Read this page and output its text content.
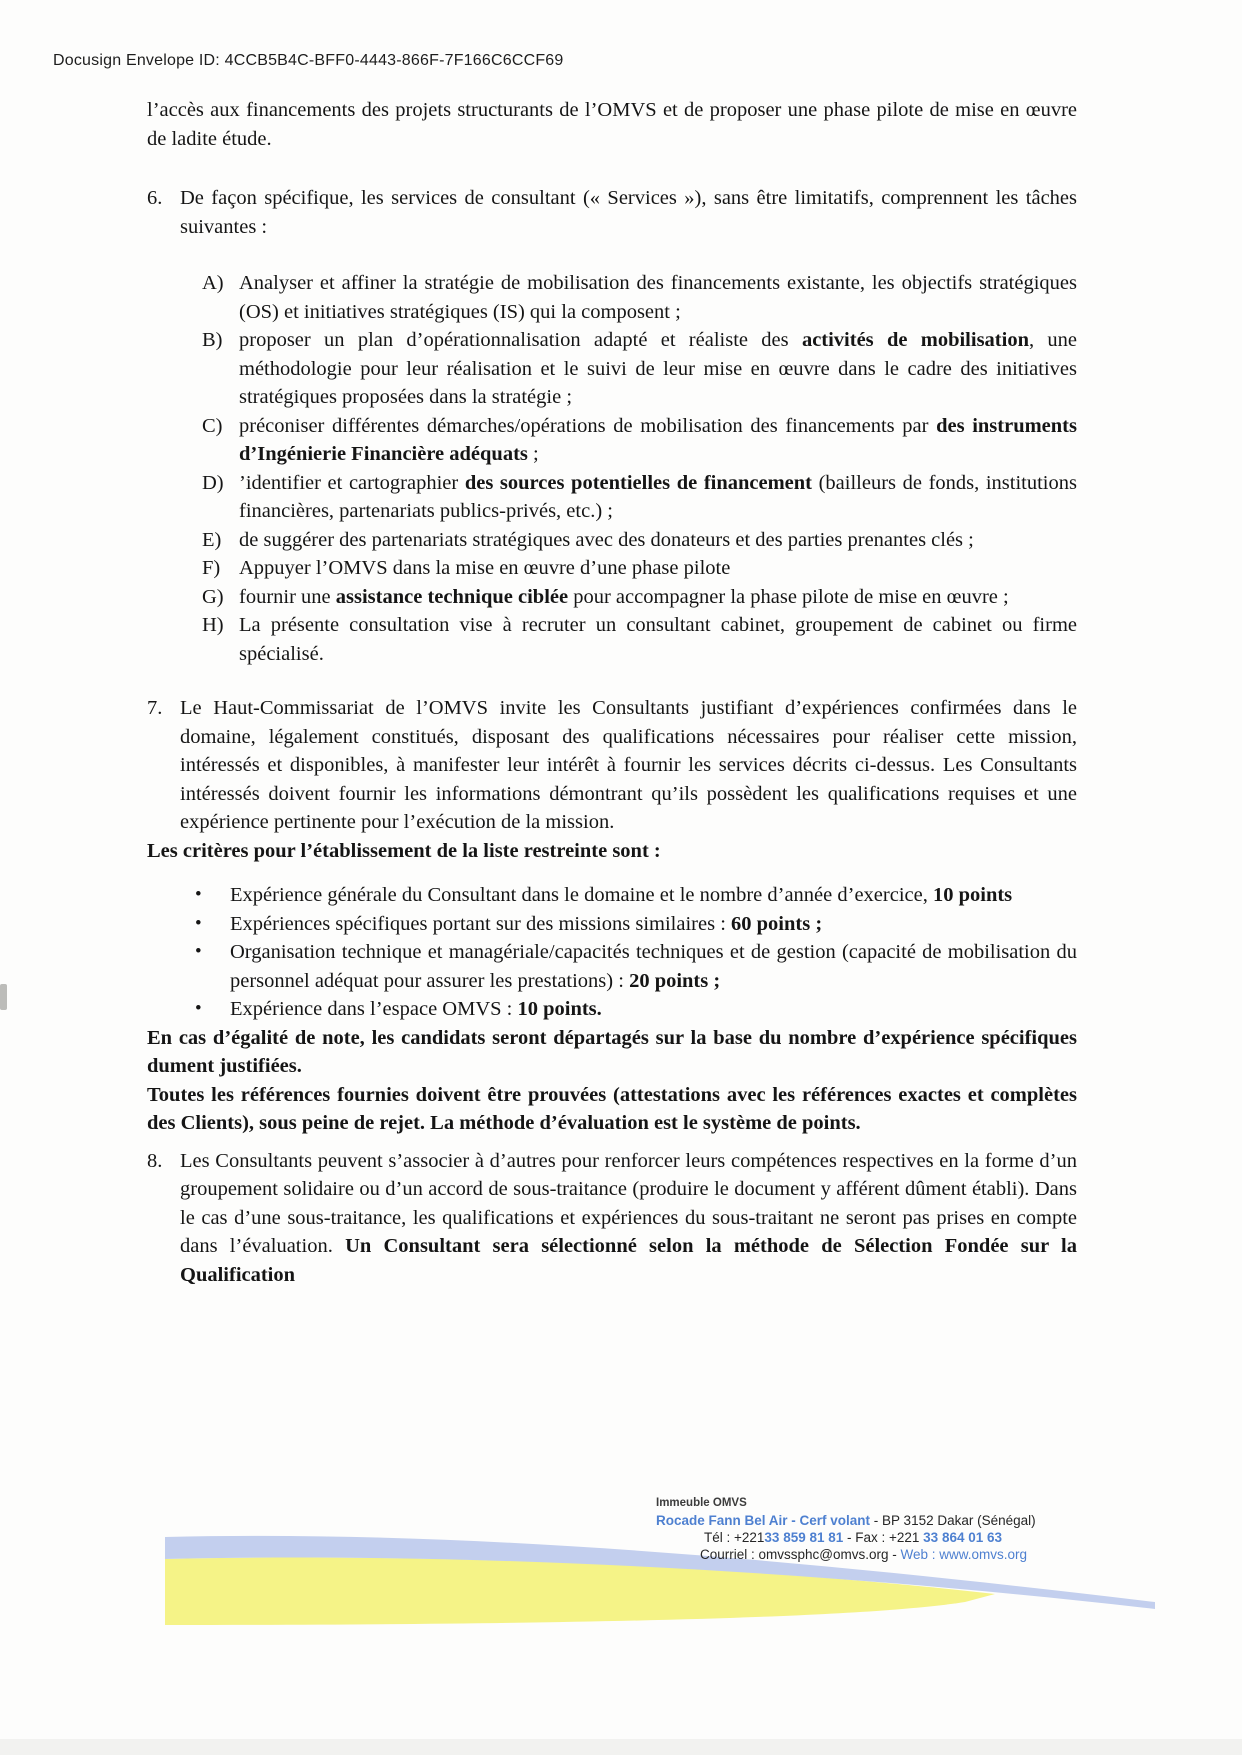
Docusign Envelope ID: 4CCB5B4C-BFF0-4443-866F-7F166C6CCF69

l’accès aux financements des projets structurants de l’OMVS et de proposer une phase pilote de mise en œuvre de ladite étude.

6. De façon spécifique, les services de consultant (« Services »), sans être limitatifs, comprennent les tâches suivantes :
A) Analyser et affiner la stratégie de mobilisation des financements existante, les objectifs stratégiques (OS) et initiatives stratégiques (IS) qui la composent ;
B) proposer un plan d’opérationnalisation adapté et réaliste des activités de mobilisation, une méthodologie pour leur réalisation et le suivi de leur mise en œuvre dans le cadre des initiatives stratégiques proposées dans la stratégie ;
C) préconiser différentes démarches/opérations de mobilisation des financements par des instruments d’Ingénierie Financière adéquats ;
D) ’identifier et cartographier des sources potentielles de financement (bailleurs de fonds, institutions financières, partenariats publics-privés, etc.) ;
E) de suggérer des partenariats stratégiques avec des donateurs et des parties prenantes clés ;
F) Appuyer l’OMVS dans la mise en œuvre d’une phase pilote
G) fournir une assistance technique ciblée pour accompagner la phase pilote de mise en œuvre ;
H) La présente consultation vise à recruter un consultant cabinet, groupement de cabinet ou firme spécialisé.
7. Le Haut-Commissariat de l’OMVS invite les Consultants justifiant d’expériences confirmées dans le domaine, légalement constitués, disposant des qualifications nécessaires pour réaliser cette mission, intéressés et disponibles, à manifester leur intérêt à fournir les services décrits ci-dessus. Les Consultants intéressés doivent fournir les informations démontrant qu’ils possèdent les qualifications requises et une expérience pertinente pour l’exécution de la mission.

Les critères pour l’établissement de la liste restreinte sont :

•	Expérience générale du Consultant dans le domaine et le nombre d’année d’exercice, 10 points
•	Expériences spécifiques portant sur des missions similaires : 60 points ;
•	Organisation technique et managériale/capacités techniques et de gestion (capacité de mobilisation du personnel adéquat pour assurer les prestations) : 20 points ;
•	Expérience dans l’espace OMVS : 10 points.

En cas d’égalité de note, les candidats seront départagés sur la base du nombre d’expérience spécifiques dument justifiées.

Toutes les références fournies doivent être prouvées (attestations avec les références exactes et complètes des Clients), sous peine de rejet. La méthode d’évaluation est le système de points.

8. Les Consultants peuvent s’associer à d’autres pour renforcer leurs compétences respectives en la forme d’un groupement solidaire ou d’un accord de sous-traitance (produire le document y afférent dûment établi). Dans le cas d’une sous-traitance, les qualifications et expériences du sous-traitant ne seront pas prises en compte dans l’évaluation. Un Consultant sera sélectionné selon la méthode de Sélection Fondée sur la Qualification
Immeuble OMVS
Rocade Fann Bel Air - Cerf volant - BP 3152 Dakar (Sénégal)
Tél : +22133 859 81 81 - Fax : +221 33 864 01 63
Courriel : omvssphc@omvs.org - Web : www.omvs.org
